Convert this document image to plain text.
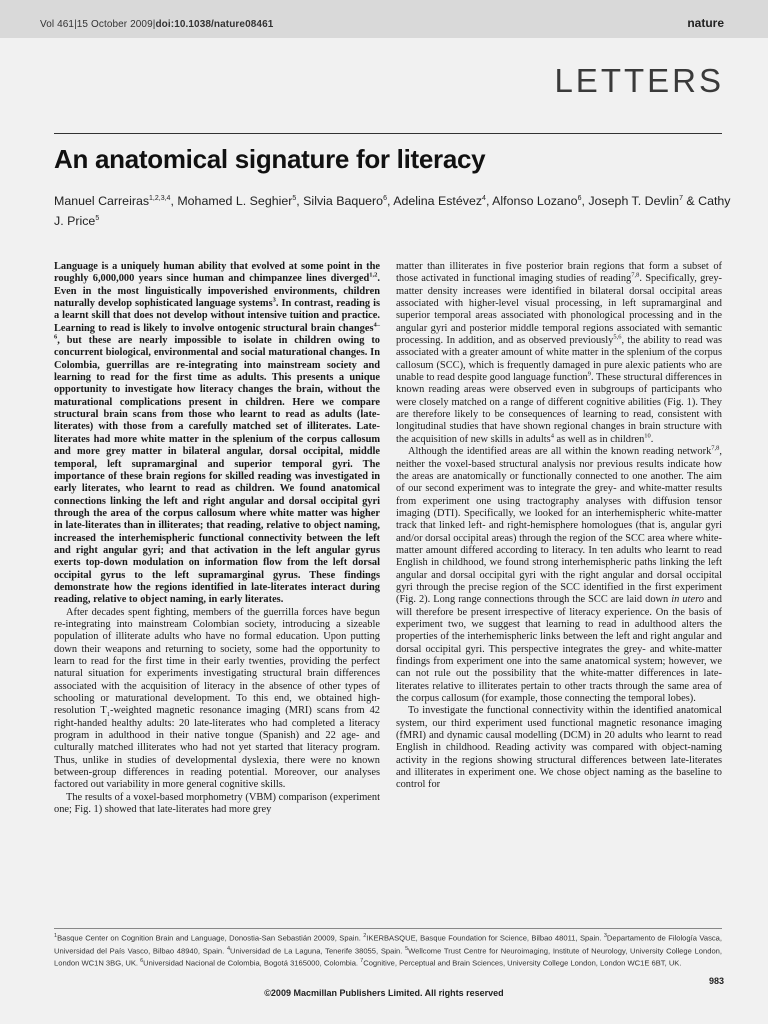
Vol 461|15 October 2009|doi:10.1038/nature08461	nature
LETTERS
An anatomical signature for literacy
Manuel Carreiras$^{1,2,3,4}$, Mohamed L. Seghier$^5$, Silvia Baquero$^6$, Adelina Estévez$^4$, Alfonso Lozano$^6$, Joseph T. Devlin$^7$ & Cathy J. Price$^5$

Language is a uniquely human ability that evolved at some point in the roughly 6,000,000 years since human and chimpanzee lines diverged$^{1,2}$. Even in the most linguistically impoverished environments, children naturally develop sophisticated language systems$^3$. In contrast, reading is a learnt skill that does not develop without intensive tuition and practice. Learning to read is likely to involve ontogenic structural brain changes$^{4-6}$, but these are nearly impossible to isolate in children owing to concurrent biological, environmental and social maturational changes. In Colombia, guerrillas are re-integrating into mainstream society and learning to read for the first time as adults. This presents a unique opportunity to investigate how literacy changes the brain, without the maturational complications present in children. Here we compare structural brain scans from those who learnt to read as adults (late-literates) with those from a carefully matched set of illiterates. Late-literates had more white matter in the splenium of the corpus callosum and more grey matter in bilateral angular, dorsal occipital, middle temporal, left supramarginal and superior temporal gyri. The importance of these brain regions for skilled reading was investigated in early literates, who learnt to read as children. We found anatomical connections linking the left and right angular and dorsal occipital gyri through the area of the corpus callosum where white matter was higher in late-literates than in illiterates; that reading, relative to object naming, increased the interhemispheric functional connectivity between the left and right angular gyri; and that activation in the left angular gyrus exerts top-down modulation on information flow from the left dorsal occipital gyrus to the left supramarginal gyrus. These findings demonstrate how the regions identified in late-literates interact during reading, relative to object naming, in early literates.

After decades spent fighting, members of the guerrilla forces have begun re-integrating into mainstream Colombian society, introducing a sizeable population of illiterate adults who have no formal education. Upon putting down their weapons and returning to society, some had the opportunity to learn to read for the first time in their early twenties, providing the perfect natural situation for experiments investigating structural brain differences associated with the acquisition of literacy in the absence of other types of schooling or maturational development. To this end, we obtained high-resolution $T_1$-weighted magnetic resonance imaging (MRI) scans from 42 right-handed healthy adults: 20 late-literates who had completed a literacy program in adulthood in their native tongue (Spanish) and 22 age- and culturally matched illiterates who had not yet started that literacy program. Thus, unlike in studies of developmental dyslexia, there were no known between-group differences in reading potential. Moreover, our analyses factored out variability in more general cognitive skills.

The results of a voxel-based morphometry (VBM) comparison (experiment one; Fig. 1) showed that late-literates had more grey

matter than illiterates in five posterior brain regions that form a subset of those activated in functional imaging studies of reading$^{7,8}$. Specifically, grey-matter density increases were identified in bilateral dorsal occipital areas associated with higher-level visual processing, in left supramarginal and superior temporal areas associated with phonological processing and in the angular gyri and posterior middle temporal regions associated with semantic processing. In addition, and as observed previously$^{5,6}$, the ability to read was associated with a greater amount of white matter in the splenium of the corpus callosum (SCC), which is frequently damaged in pure alexic patients who are unable to read despite good language function$^9$. These structural differences in known reading areas were observed even in subgroups of participants who were closely matched on a range of different cognitive abilities (Fig. 1). They are therefore likely to be consequences of learning to read, consistent with longitudinal studies that have shown regional changes in brain structure with the acquisition of new skills in adults$^4$ as well as in children$^{10}$.

Although the identified areas are all within the known reading network$^{7,8}$, neither the voxel-based structural analysis nor previous results indicate how the areas are anatomically or functionally connected to one another. The aim of our second experiment was to integrate the grey- and white-matter results from experiment one using tractography analyses with diffusion tensor imaging (DTI). Specifically, we looked for an interhemispheric white-matter track that linked left- and right-hemisphere homologues (that is, angular gyri and/or dorsal occipital areas) through the region of the SCC area where white-matter amount differed according to literacy. In ten adults who learnt to read English in childhood, we found strong interhemispheric paths linking the left angular and dorsal occipital gyri with the right angular and dorsal occipital gyri through the precise region of the SCC identified in the first experiment (Fig. 2). Long range connections through the SCC are laid down in utero and will therefore be present irrespective of literacy experience. On the basis of experiment two, we suggest that learning to read in adulthood alters the properties of the interhemispheric links between the left and right angular and dorsal occipital gyri. This perspective integrates the grey- and white-matter findings from experiment one into the same anatomical system; however, we can not rule out the possibility that the white-matter differences in late-literates relative to illiterates pertain to other tracts through the same area of the corpus callosum (for example, those connecting the temporal lobes).

To investigate the functional connectivity within the identified anatomical system, our third experiment used functional magnetic resonance imaging (fMRI) and dynamic causal modelling (DCM) in 20 adults who learnt to read English in childhood. Reading activity was compared with object-naming activity in the regions showing structural differences between late-literates and illiterates in experiment one. We chose object naming as the baseline to control for

$^1$Basque Center on Cognition Brain and Language, Donostia-San Sebastián 20009, Spain. $^2$IKERBASQUE, Basque Foundation for Science, Bilbao 48011, Spain. $^3$Departamento de Filología Vasca, Universidad del País Vasco, Bilbao 48940, Spain. $^4$Universidad de La Laguna, Tenerife 38055, Spain. $^5$Wellcome Trust Centre for Neuroimaging, Institute of Neurology, University College London, London WC1N 3BG, UK. $^6$Universidad Nacional de Colombia, Bogotá 3165000, Colombia. $^7$Cognitive, Perceptual and Brain Sciences, University College London, London WC1E 6BT, UK.
983
©2009 Macmillan Publishers Limited. All rights reserved
